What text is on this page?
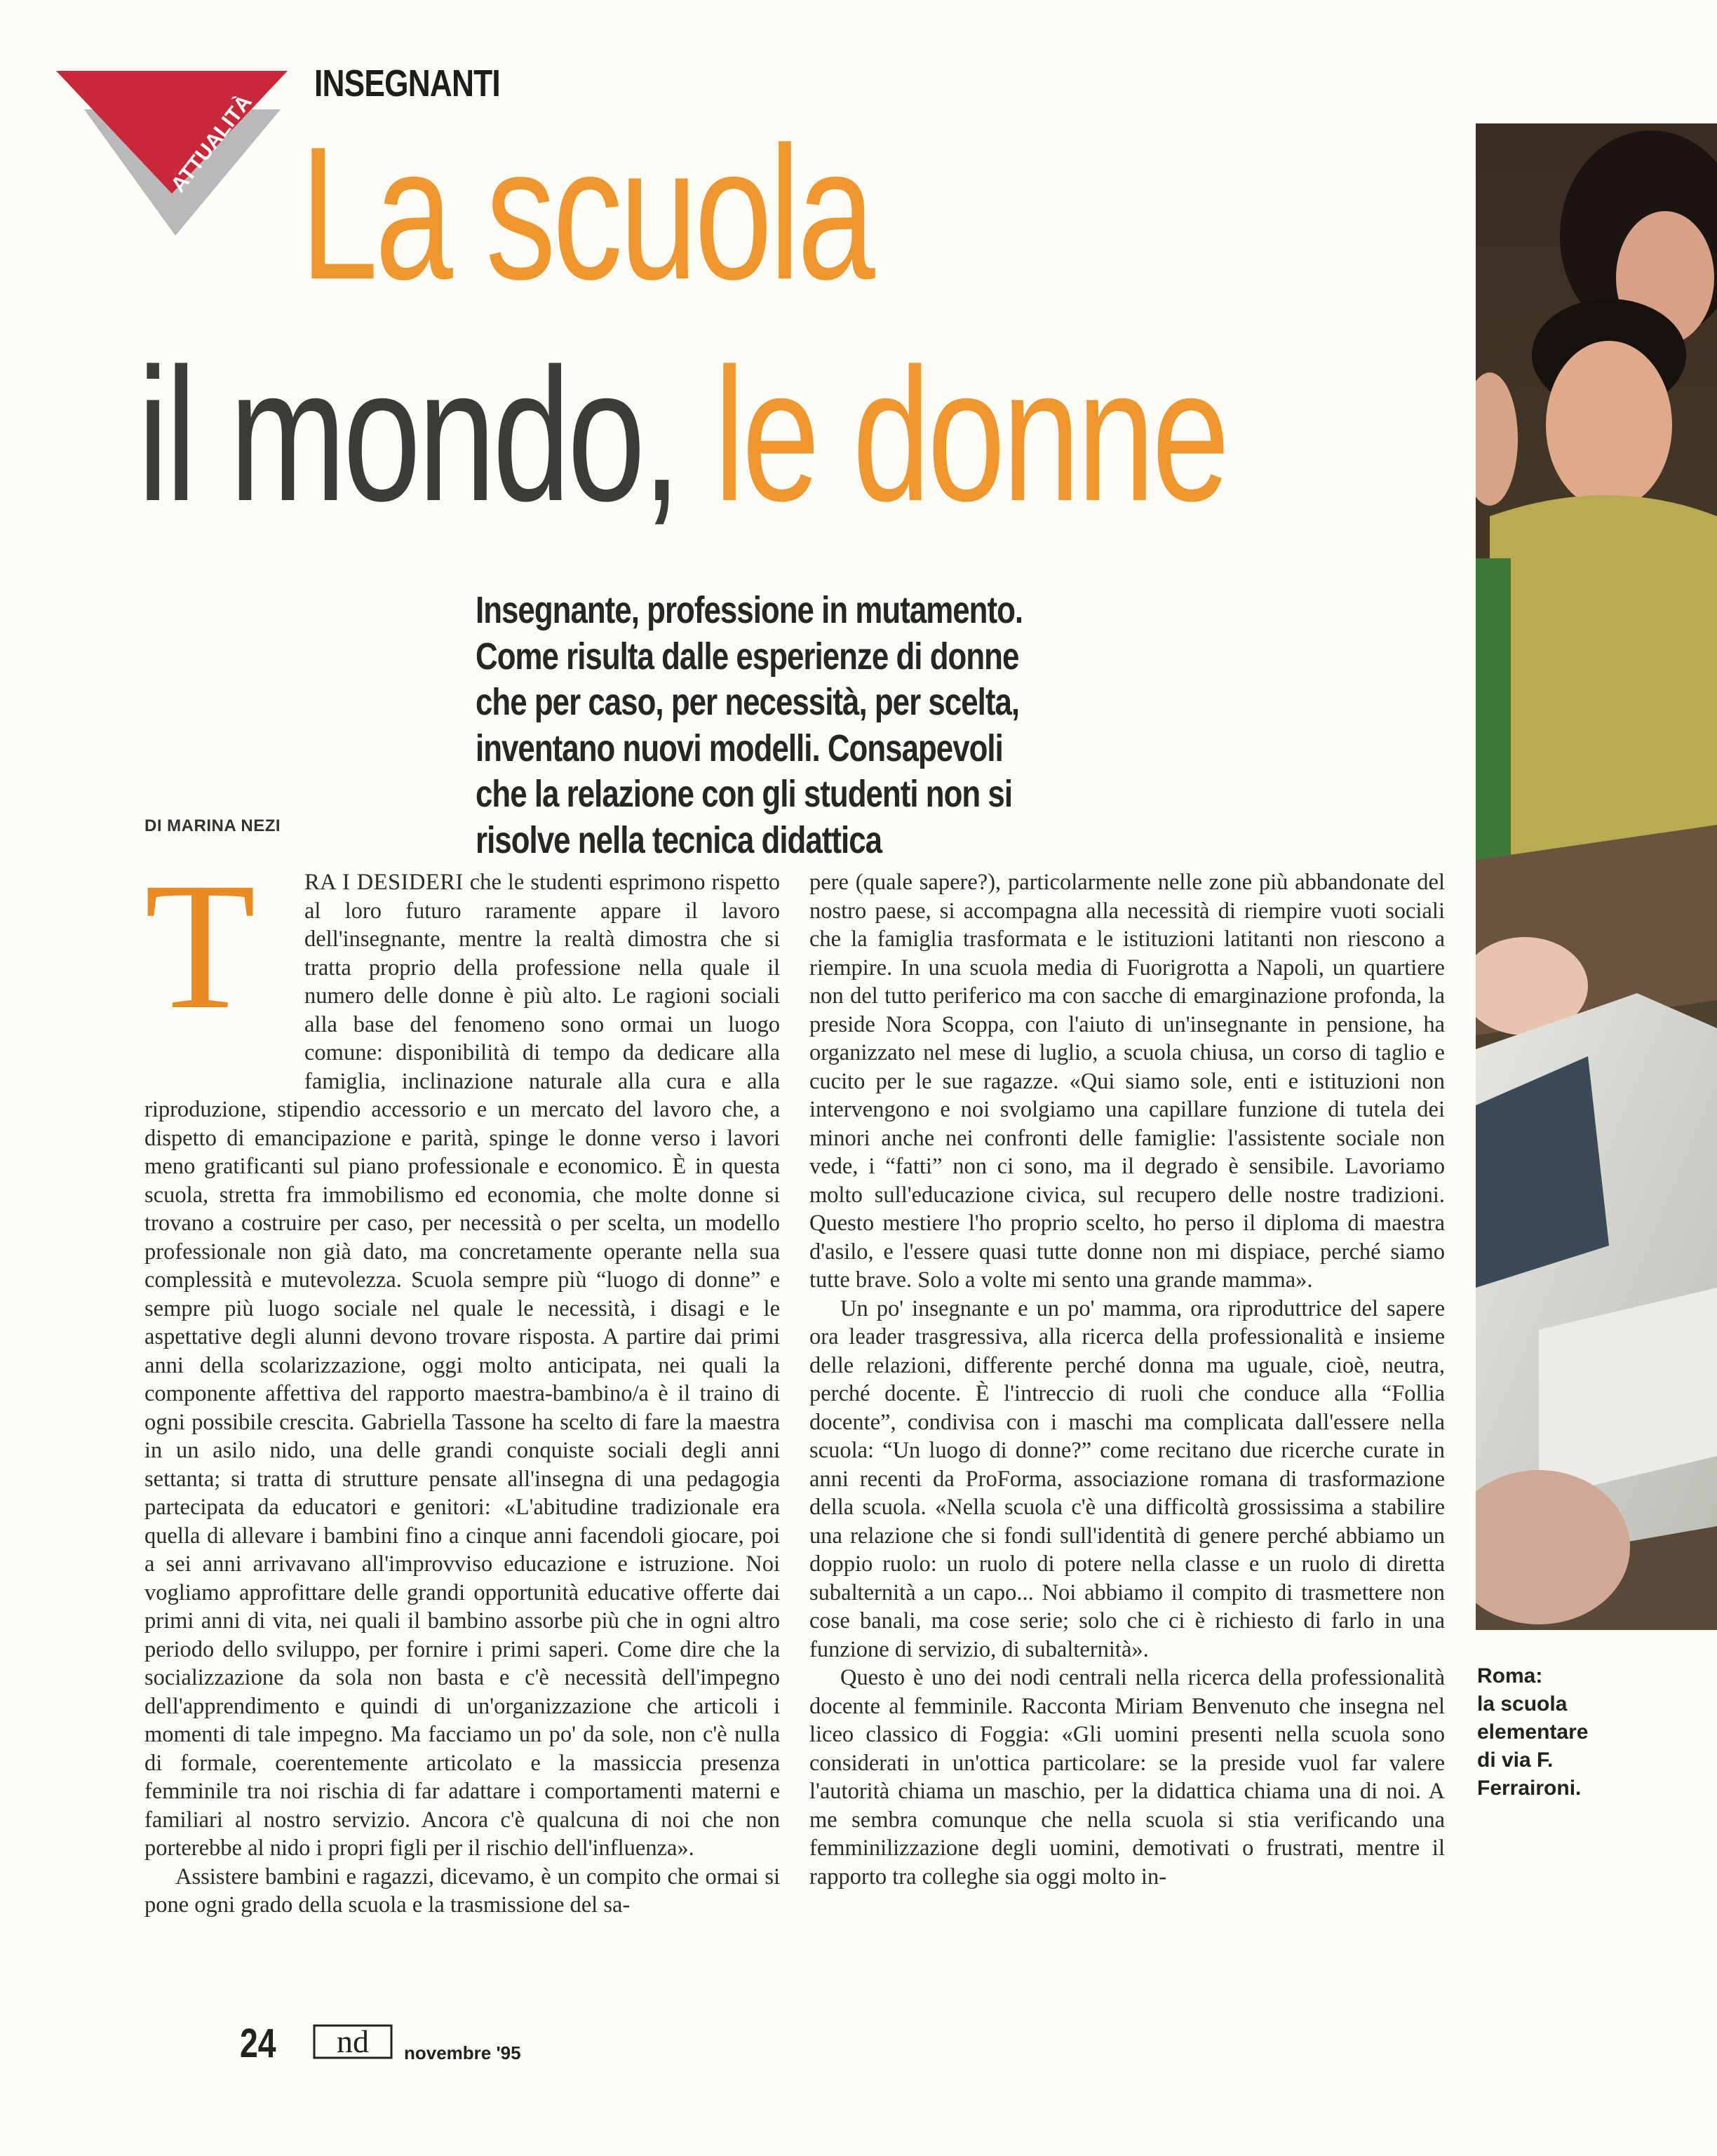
ATTUALITÀ
INSEGNANTI
La scuola
il mondo, le donne
Insegnante, professione in mutamento. Come risulta dalle esperienze di donne che per caso, per necessità, per scelta, inventano nuovi modelli. Consapevoli che la relazione con gli studenti non si risolve nella tecnica didattica
DI MARINA NEZI
T	RA I DESIDERI che le studenti esprimono rispetto al loro futuro raramente appare il lavoro dell'insegnante, mentre la realtà dimostra che si tratta proprio della professione nella quale il numero delle donne è più alto. Le ragioni sociali alla base del fenomeno sono ormai un luogo comune: disponibilità di tempo da dedicare alla famiglia, inclinazione naturale alla cura e alla riproduzione, stipendio accessorio e un mercato del lavoro che, a dispetto di emancipazione e parità, spinge le donne verso i lavori meno gratificanti sul piano professionale e economico. È in questa scuola, stretta fra immobilismo ed economia, che molte donne si trovano a costruire per caso, per necessità o per scelta, un modello professionale non già dato, ma concretamente operante nella sua complessità e mutevolezza. Scuola sempre più “luogo di donne” e sempre più luogo sociale nel quale le necessità, i disagi e le aspettative degli alunni devono trovare risposta. A partire dai primi anni della scolarizzazione, oggi molto anticipata, nei quali la componente affettiva del rapporto maestra-bambino/a è il traino di ogni possibile crescita. Gabriella Tassone ha scelto di fare la maestra in un asilo nido, una delle grandi conquiste sociali degli anni settanta; si tratta di strutture pensate all'insegna di una pedagogia partecipata da educatori e genitori: «L'abitudine tradizionale era quella di allevare i bambini fino a cinque anni facendoli giocare, poi a sei anni arrivavano all'improvviso educazione e istruzione. Noi vogliamo approfittare delle grandi opportunità educative offerte dai primi anni di vita, nei quali il bambino assorbe più che in ogni altro periodo dello sviluppo, per fornire i primi saperi. Come dire che la socializzazione da sola non basta e c'è necessità dell'impegno dell'apprendimento e quindi di un'organizzazione che articoli i momenti di tale impegno. Ma facciamo un po' da sole, non c'è nulla di formale, coerentemente articolato e la massiccia presenza femminile tra noi rischia di far adattare i comportamenti materni e familiari al nostro servizio. Ancora c'è qualcuna di noi che non porterebbe al nido i propri figli per il rischio dell'influenza».

Assistere bambini e ragazzi, dicevamo, è un compito che ormai si pone ogni grado della scuola e la trasmissione del sa-

pere (quale sapere?), particolarmente nelle zone più abbandonate del nostro paese, si accompagna alla necessità di riempire vuoti sociali che la famiglia trasformata e le istituzioni latitanti non riescono a riempire. In una scuola media di Fuorigrotta a Napoli, un quartiere non del tutto periferico ma con sacche di emarginazione profonda, la preside Nora Scoppa, con l'aiuto di un'insegnante in pensione, ha organizzato nel mese di luglio, a scuola chiusa, un corso di taglio e cucito per le sue ragazze. «Qui siamo sole, enti e istituzioni non intervengono e noi svolgiamo una capillare funzione di tutela dei minori anche nei confronti delle famiglie: l'assistente sociale non vede, i “fatti” non ci sono, ma il degrado è sensibile. Lavoriamo molto sull'educazione civica, sul recupero delle nostre tradizioni. Questo mestiere l'ho proprio scelto, ho perso il diploma di maestra d'asilo, e l'essere quasi tutte donne non mi dispiace, perché siamo tutte brave. Solo a volte mi sento una grande mamma».

Un po' insegnante e un po' mamma, ora riproduttrice del sapere ora leader trasgressiva, alla ricerca della professionalità e insieme delle relazioni, differente perché donna ma uguale, cioè, neutra, perché docente. È l'intreccio di ruoli che conduce alla “Follia docente”, condivisa con i maschi ma complicata dall'essere nella scuola: “Un luogo di donne?” come recitano due ricerche curate in anni recenti da ProForma, associazione romana di trasformazione della scuola. «Nella scuola c'è una difficoltà grossissima a stabilire una relazione che si fondi sull'identità di genere perché abbiamo un doppio ruolo: un ruolo di potere nella classe e un ruolo di diretta subalternità a un capo... Noi abbiamo il compito di trasmettere non cose banali, ma cose serie; solo che ci è richiesto di farlo in una funzione di servizio, di subalternità».

Questo è uno dei nodi centrali nella ricerca della professionalità docente al femminile. Racconta Miriam Benvenuto che insegna nel liceo classico di Foggia: «Gli uomini presenti nella scuola sono considerati in un'ottica particolare: se la preside vuol far valere l'autorità chiama un maschio, per la didattica chiama una di noi. A me sembra comunque che nella scuola si stia verificando una femminilizzazione degli uomini, demotivati o frustrati, mentre il rapporto tra colleghe sia oggi molto in-

Roma:
la scuola
elementare
di via F.
Ferraironi.
24 nd novembre '95
